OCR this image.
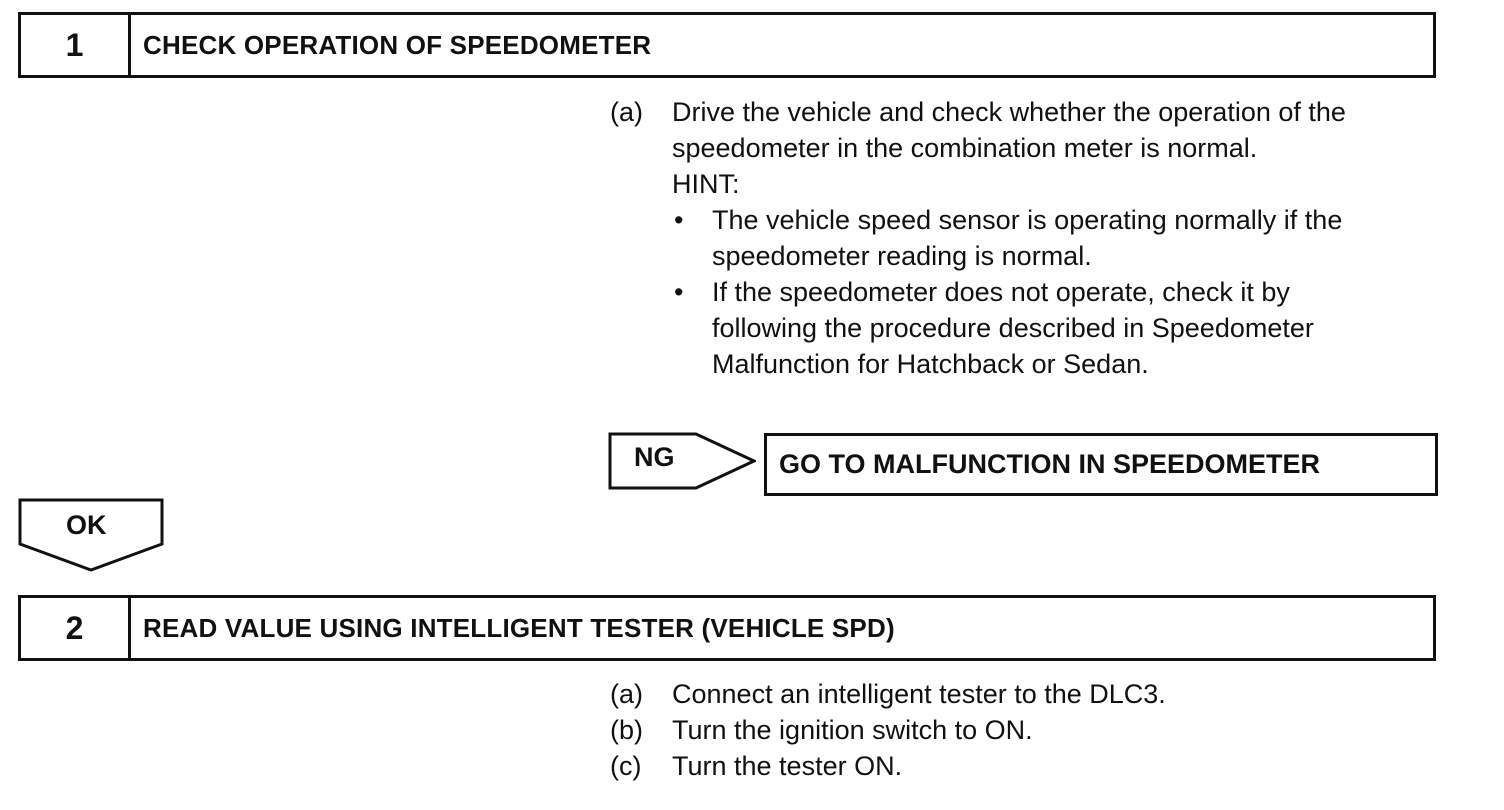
1	CHECK OPERATION OF SPEEDOMETER
(a)	Drive the vehicle and check whether the operation of the
speedometer in the combination meter is normal.
HINT:
•	The vehicle speed sensor is operating normally if the
speedometer reading is normal.
•	If the speedometer does not operate, check it by
following the procedure described in Speedometer
Malfunction for Hatchback or Sedan.
NG	GO TO MALFUNCTION IN SPEEDOMETER
OK
2	READ VALUE USING INTELLIGENT TESTER (VEHICLE SPD)
(a)	Connect an intelligent tester to the DLC3.
(b)	Turn the ignition switch to ON.
(c)	Turn the tester ON.
